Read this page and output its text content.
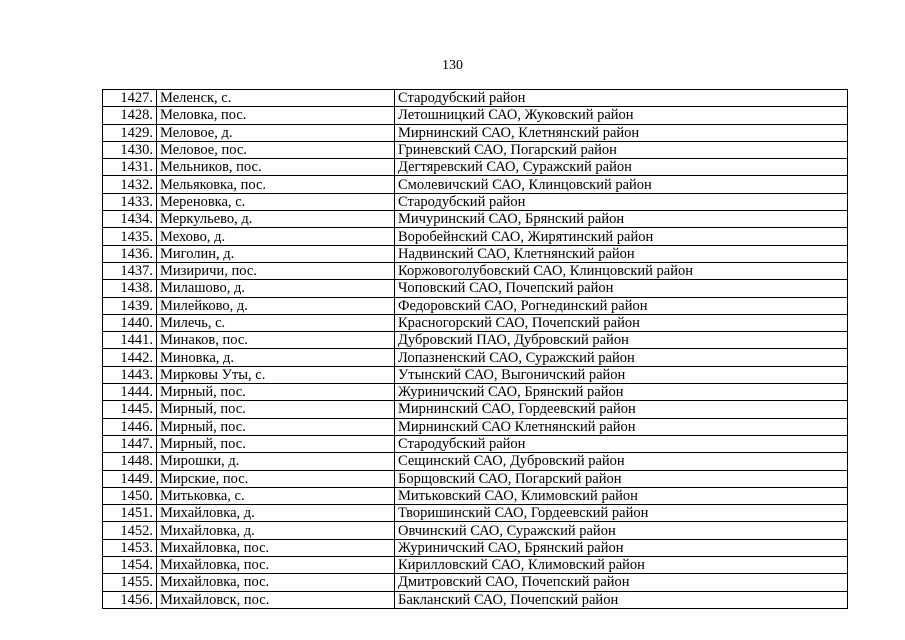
130
1427.	Меленск, с.	Стародубский район
1428.	Меловка, пос.	Летошницкий САО, Жуковский район
1429.	Меловое, д.	Мирнинский САО, Клетнянский район
1430.	Меловое, пос.	Гриневский САО, Погарский район
1431.	Мельников, пос.	Дегтяревский САО, Суражский район
1432.	Мельяковка, пос.	Смолевичский САО, Клинцовский район
1433.	Мереновка, с.	Стародубский район
1434.	Меркульево, д.	Мичуринский САО, Брянский район
1435.	Мехово, д.	Воробейнский САО, Жирятинский район
1436.	Миголин, д.	Надвинский САО, Клетнянский район
1437.	Мизиричи, пос.	Коржовоголубовский САО, Клинцовский район
1438.	Милашово, д.	Чоповский САО, Почепский район
1439.	Милейково, д.	Федоровский САО, Рогнединский район
1440.	Милечь, с.	Красногорский САО, Почепский район
1441.	Минаков, пос.	Дубровский ПАО, Дубровский район
1442.	Миновка, д.	Лопазненский САО, Суражский район
1443.	Мирковы Уты, с.	Утынский САО, Выгоничский район
1444.	Мирный, пос.	Журиничский САО, Брянский район
1445.	Мирный, пос.	Мирнинский САО, Гордеевский район
1446.	Мирный, пос.	Мирнинский САО Клетнянский район
1447.	Мирный, пос.	Стародубский район
1448.	Мирошки, д.	Сещинский САО, Дубровский район
1449.	Мирские, пос.	Борщовский САО, Погарский район
1450.	Митьковка, с.	Митьковский САО, Климовский район
1451.	Михайловка, д.	Творишинский САО, Гордеевский район
1452.	Михайловка, д.	Овчинский САО, Суражский район
1453.	Михайловка, пос.	Журиничский САО, Брянский район
1454.	Михайловка, пос.	Кирилловский САО, Климовский район
1455.	Михайловка, пос.	Дмитровский САО, Почепский район
1456.	Михайловск, пос.	Бакланский САО, Почепский район
